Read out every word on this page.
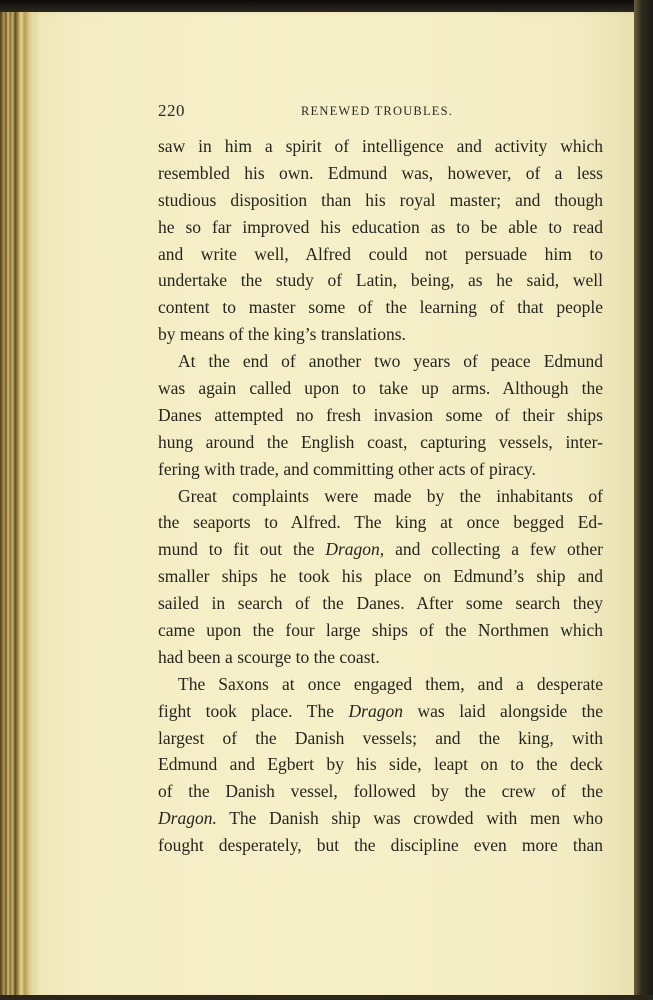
220	RENEWED TROUBLES.
saw in him a spirit of intelligence and activity which
resembled his own. Edmund was, however, of a less
studious disposition than his royal master; and though
he so far improved his education as to be able to read
and write well, Alfred could not persuade him to
undertake the study of Latin, being, as he said, well
content to master some of the learning of that people
by means of the king’s translations.
At the end of another two years of peace Edmund
was again called upon to take up arms. Although the
Danes attempted no fresh invasion some of their ships
hung around the English coast, capturing vessels, inter-
fering with trade, and committing other acts of piracy.
Great complaints were made by the inhabitants of
the seaports to Alfred. The king at once begged Ed-
mund to fit out the Dragon, and collecting a few other
smaller ships he took his place on Edmund’s ship and
sailed in search of the Danes. After some search they
came upon the four large ships of the Northmen which
had been a scourge to the coast.
The Saxons at once engaged them, and a desperate
fight took place. The Dragon was laid alongside the
largest of the Danish vessels; and the king, with
Edmund and Egbert by his side, leapt on to the deck
of the Danish vessel, followed by the crew of the
Dragon. The Danish ship was crowded with men who
fought desperately, but the discipline even more than
